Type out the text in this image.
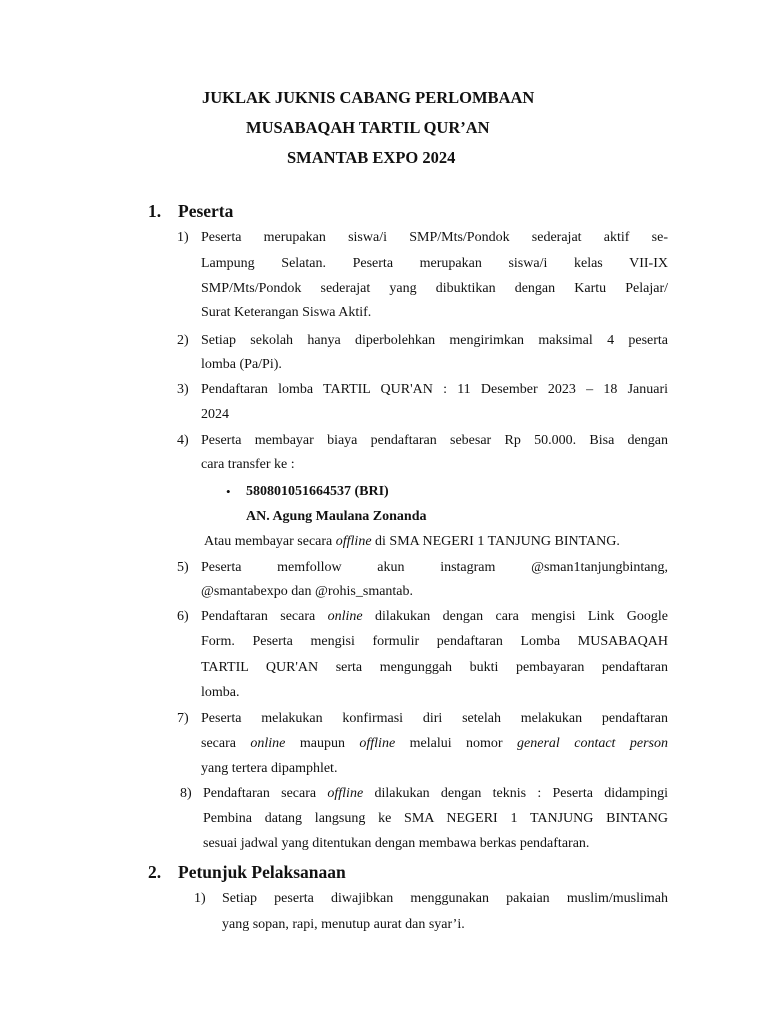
JUKLAK JUKNIS CABANG PERLOMBAAN
MUSABAQAH TARTIL QUR’AN
SMANTAB EXPO 2024
1. Peserta
1) Peserta merupakan siswa/i SMP/Mts/Pondok sederajat aktif se-
Lampung Selatan. Peserta merupakan siswa/i kelas VII-IX
SMP/Mts/Pondok sederajat yang dibuktikan dengan Kartu Pelajar/
Surat Keterangan Siswa Aktif.
2) Setiap sekolah hanya diperbolehkan mengirimkan maksimal 4 peserta
lomba (Pa/Pi).
3) Pendaftaran lomba TARTIL QUR'AN : 11 Desember 2023 – 18 Januari
2024
4) Peserta membayar biaya pendaftaran sebesar Rp 50.000. Bisa dengan
cara transfer ke :
• 580801051664537 (BRI)
AN. Agung Maulana Zonanda
Atau membayar secara offline di SMA NEGERI 1 TANJUNG BINTANG.
5) Peserta memfollow akun instagram @sman1tanjungbintang,
@smantabexpo dan @rohis_smantab.
6) Pendaftaran secara online dilakukan dengan cara mengisi Link Google
Form. Peserta mengisi formulir pendaftaran Lomba MUSABAQAH
TARTIL QUR'AN serta mengunggah bukti pembayaran pendaftaran
lomba.
7) Peserta melakukan konfirmasi diri setelah melakukan pendaftaran
secara online maupun offline melalui nomor general contact person
yang tertera dipamphlet.
8) Pendaftaran secara offline dilakukan dengan teknis : Peserta didampingi
Pembina datang langsung ke SMA NEGERI 1 TANJUNG BINTANG
sesuai jadwal yang ditentukan dengan membawa berkas pendaftaran.
2. Petunjuk Pelaksanaan
1) Setiap peserta diwajibkan menggunakan pakaian muslim/muslimah
yang sopan, rapi, menutup aurat dan syar’i.
